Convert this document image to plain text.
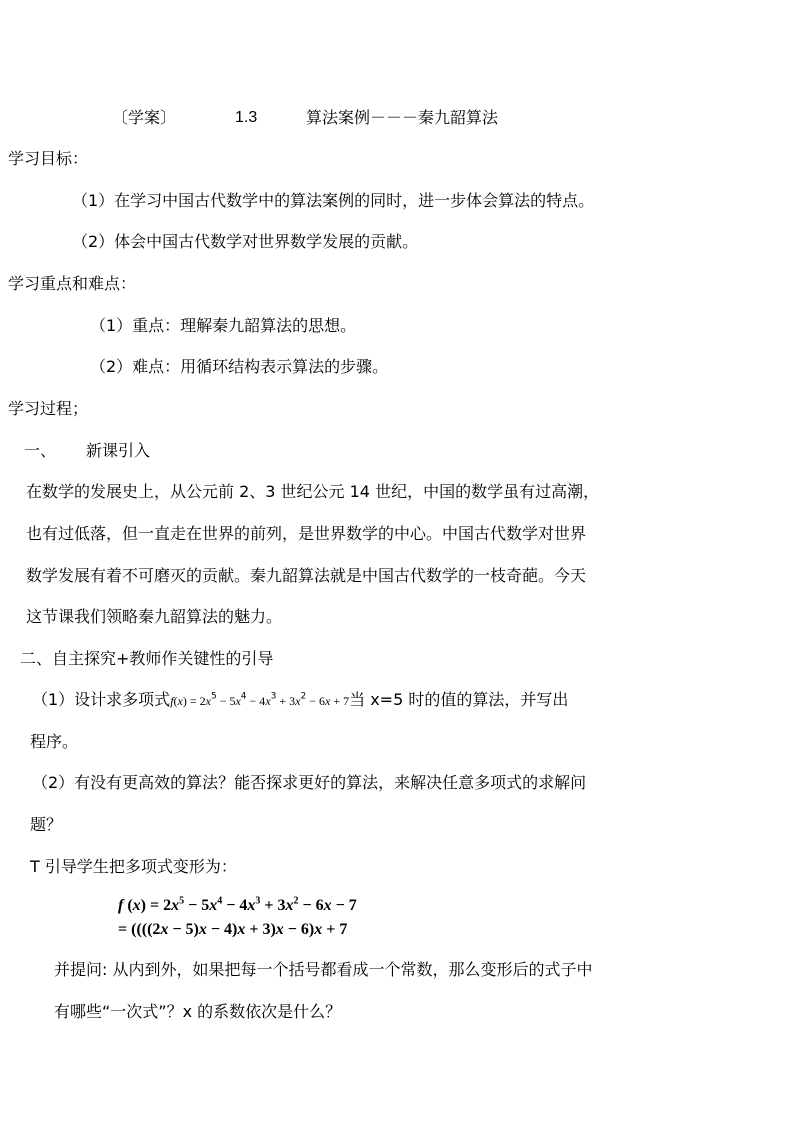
〔学案〕	1.3	算法案例－－－秦九韶算法
学习目标：
（1）在学习中国古代数学中的算法案例的同时，进一步体会算法的特点。
（2）体会中国古代数学对世界数学发展的贡献。
学习重点和难点：
（1）重点：理解秦九韶算法的思想。
（2）难点：用循环结构表示算法的步骤。
学习过程；
一、 新课引入
在数学的发展史上，从公元前 2、3 世纪公元 14 世纪，中国的数学虽有过高潮，
也有过低落，但一直走在世界的前列，是世界数学的中心。中国古代数学对世界
数学发展有着不可磨灭的贡献。秦九韶算法就是中国古代数学的一枝奇葩。今天
这节课我们领略秦九韶算法的魅力。
二、自主探究+教师作关键性的引导
（1）设计求多项式$f(x) = 2x^5 - 5x^4 - 4x^3 + 3x^2 - 6x + 7$当 x=5 时的值的算法，并写出
程序。
（2）有没有更高效的算法？能否探求更好的算法，来解决任意多项式的求解问
题？
T 引导学生把多项式变形为：
f $(x) = 2x^5 - 5x^4 - 4x^3 + 3x^2 - 6x - 7$
= ((((2x − 5)x − 4)x + 3)x − 6)x + 7
并提问: 从内到外，如果把每一个括号都看成一个常数，那么变形后的式子中
有哪些“一次式”？x 的系数依次是什么？
